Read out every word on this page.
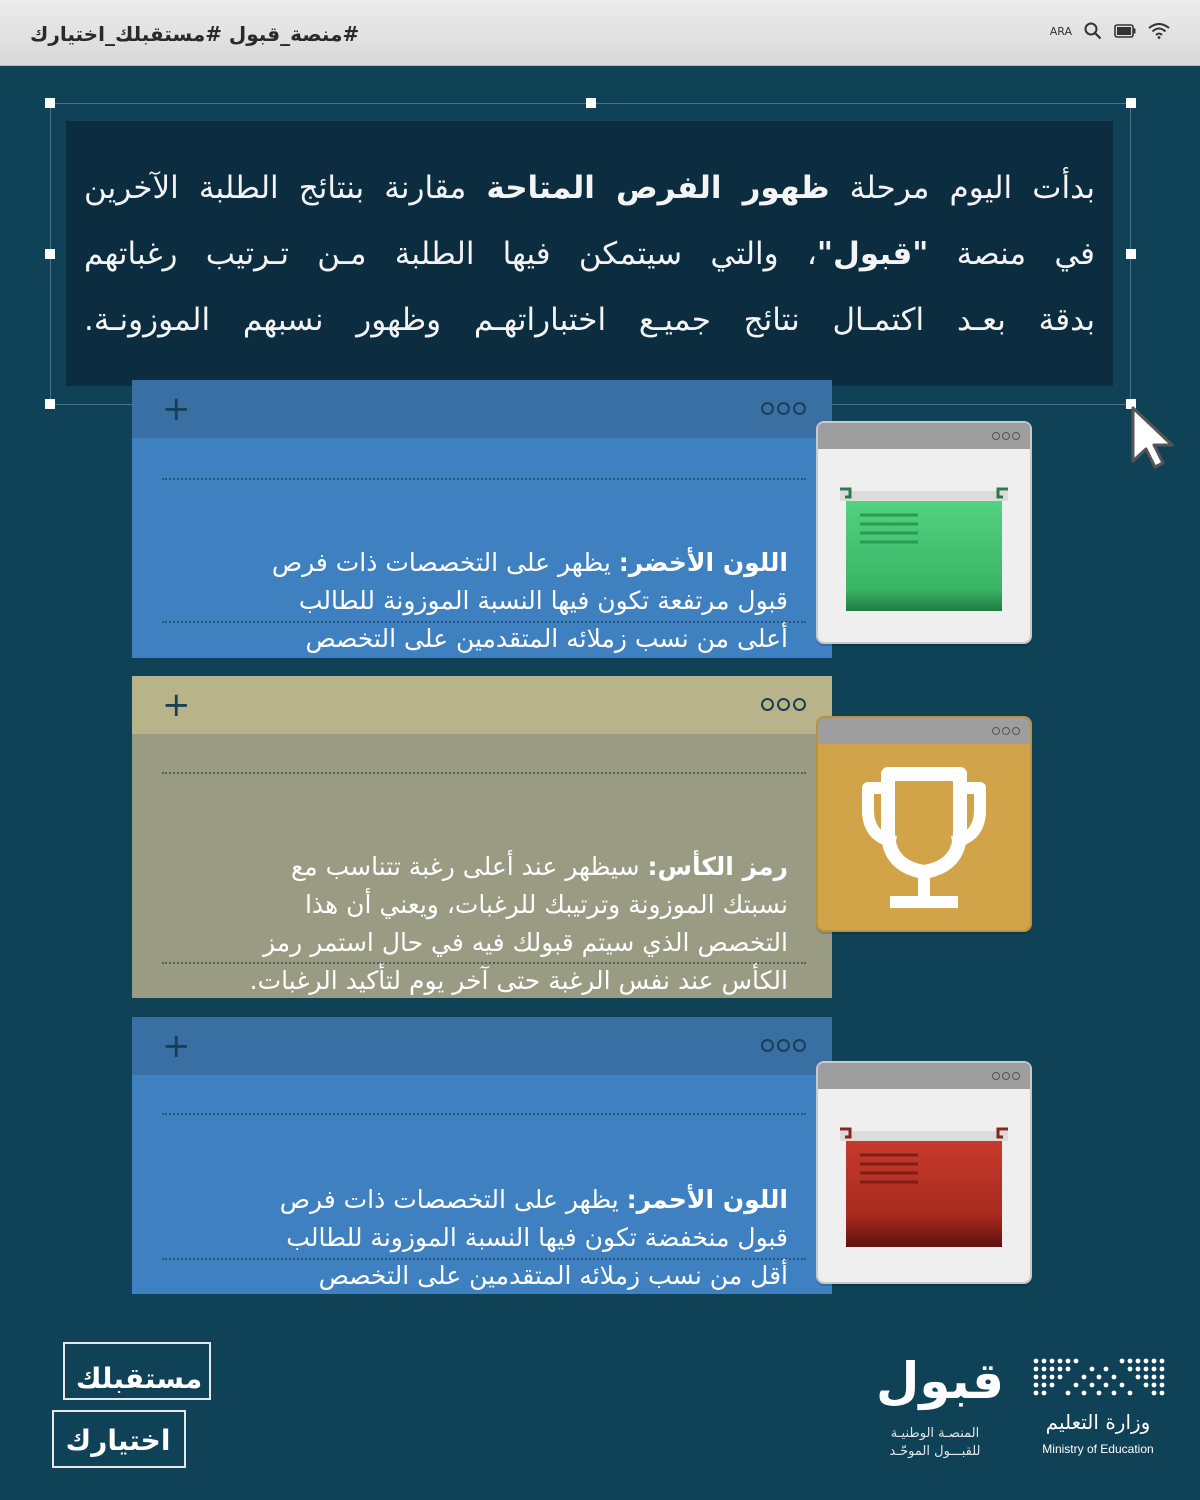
#منصة_قبول #مستقبلك_اختيارك	ARA
بدأت اليوم مرحلة ظهور الفرص المتاحة مقارنة بنتائج الطلبة الآخرين
في منصة "قبول"، والتي سيتمكن فيها الطلبة مـن تـرتيب رغباتهم
بدقة بعـد اكتمـال نتائج جميـع اختباراتهـم وظهور نسبهم الموزونـة.
+
اللون الأخضر: يظهر على التخصصات ذات فرص
قبول مرتفعة تكون فيها النسبة الموزونة للطالب
أعلى من نسب زملائه المتقدمين على التخصص
+
رمز الكأس: سيظهر عند أعلى رغبة تتناسب مع
نسبتك الموزونة وترتيبك للرغبات، ويعني أن هذا
التخصص الذي سيتم قبولك فيه في حال استمر رمز
الكأس عند نفس الرغبة حتى آخر يوم لتأكيد الرغبات.
+
اللون الأحمر: يظهر على التخصصات ذات فرص
قبول منخفضة تكون فيها النسبة الموزونة للطالب
أقل من نسب زملائه المتقدمين على التخصص
مستقبلك
اختيارك
قبول
المنصـة الوطنيـة
للقبـــول الموحّـد
وزارة التعليم
Ministry of Education
